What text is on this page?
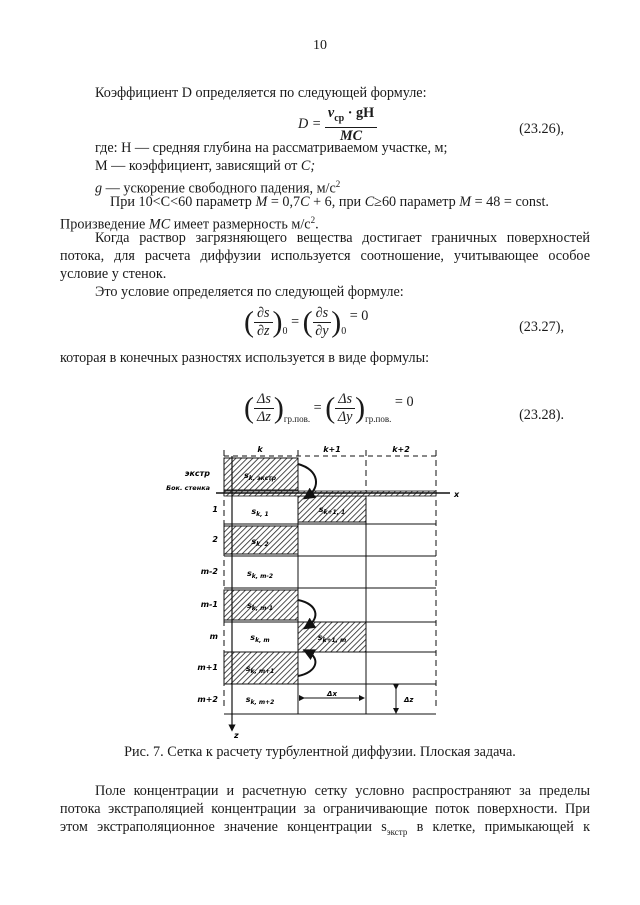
10
Коэффициент D определяется по следующей формуле:
$D = \frac{v_{ср} \cdot gH}{MC}$	(23.26),
где: Н — средняя глубина на рассматриваемом участке, м;
М — коэффициент, зависящий от С;
g — ускорение свободного падения, $м/с^2$
При 10<C<60 параметр M = 0,7C + 6, при C≥60 параметр M = 48 = const.
Произведение MC имеет размерность $м/с^2$.
Когда раствор загрязняющего вещества достигает граничных поверхностей
потока, для расчета диффузии используется соотношение, учитывающее особое
условие у стенок.
Это условие определяется по следующей формуле:
( $\frac{\partial s}{\partial z} )_0$ = ( $\frac{\partial s}{\partial y} )_0 = 0$
(23.27),
которая в конечных разностях используется в виде формулы:
( $\frac{\Delta s}{\Delta z} )_{гр.пов.}$ = ( $\frac{\Delta s}{\Delta y} )_{гр.пов.} = 0$
(23.28).
k	k+1	k+2
x
z
экстр
Бок. стенка
1
2
m-2
m-1
m
m+1
m+2
$s_{k, экстр}$
$s_{k, 1}$
$s_{k+1, 1}$
$s_{k, 2}$
$s_{k, m-2}$
$s_{k, m-1}$
$s_{k, m}$	$s_{k+1, m}$
$s_{k, m+1}$
$s_{k, m+2}$
Δx
Δz
Рис. 7. Сетка к расчету турбулентной диффузии. Плоская задача.
Поле концентрации и расчетную сетку условно распространяют за пределы
потока экстраполяцией концентрации за ограничивающие поток поверхности. При
этом экстраполяционное значение концентрации $s_{экстр}$ в клетке, примыкающей к
